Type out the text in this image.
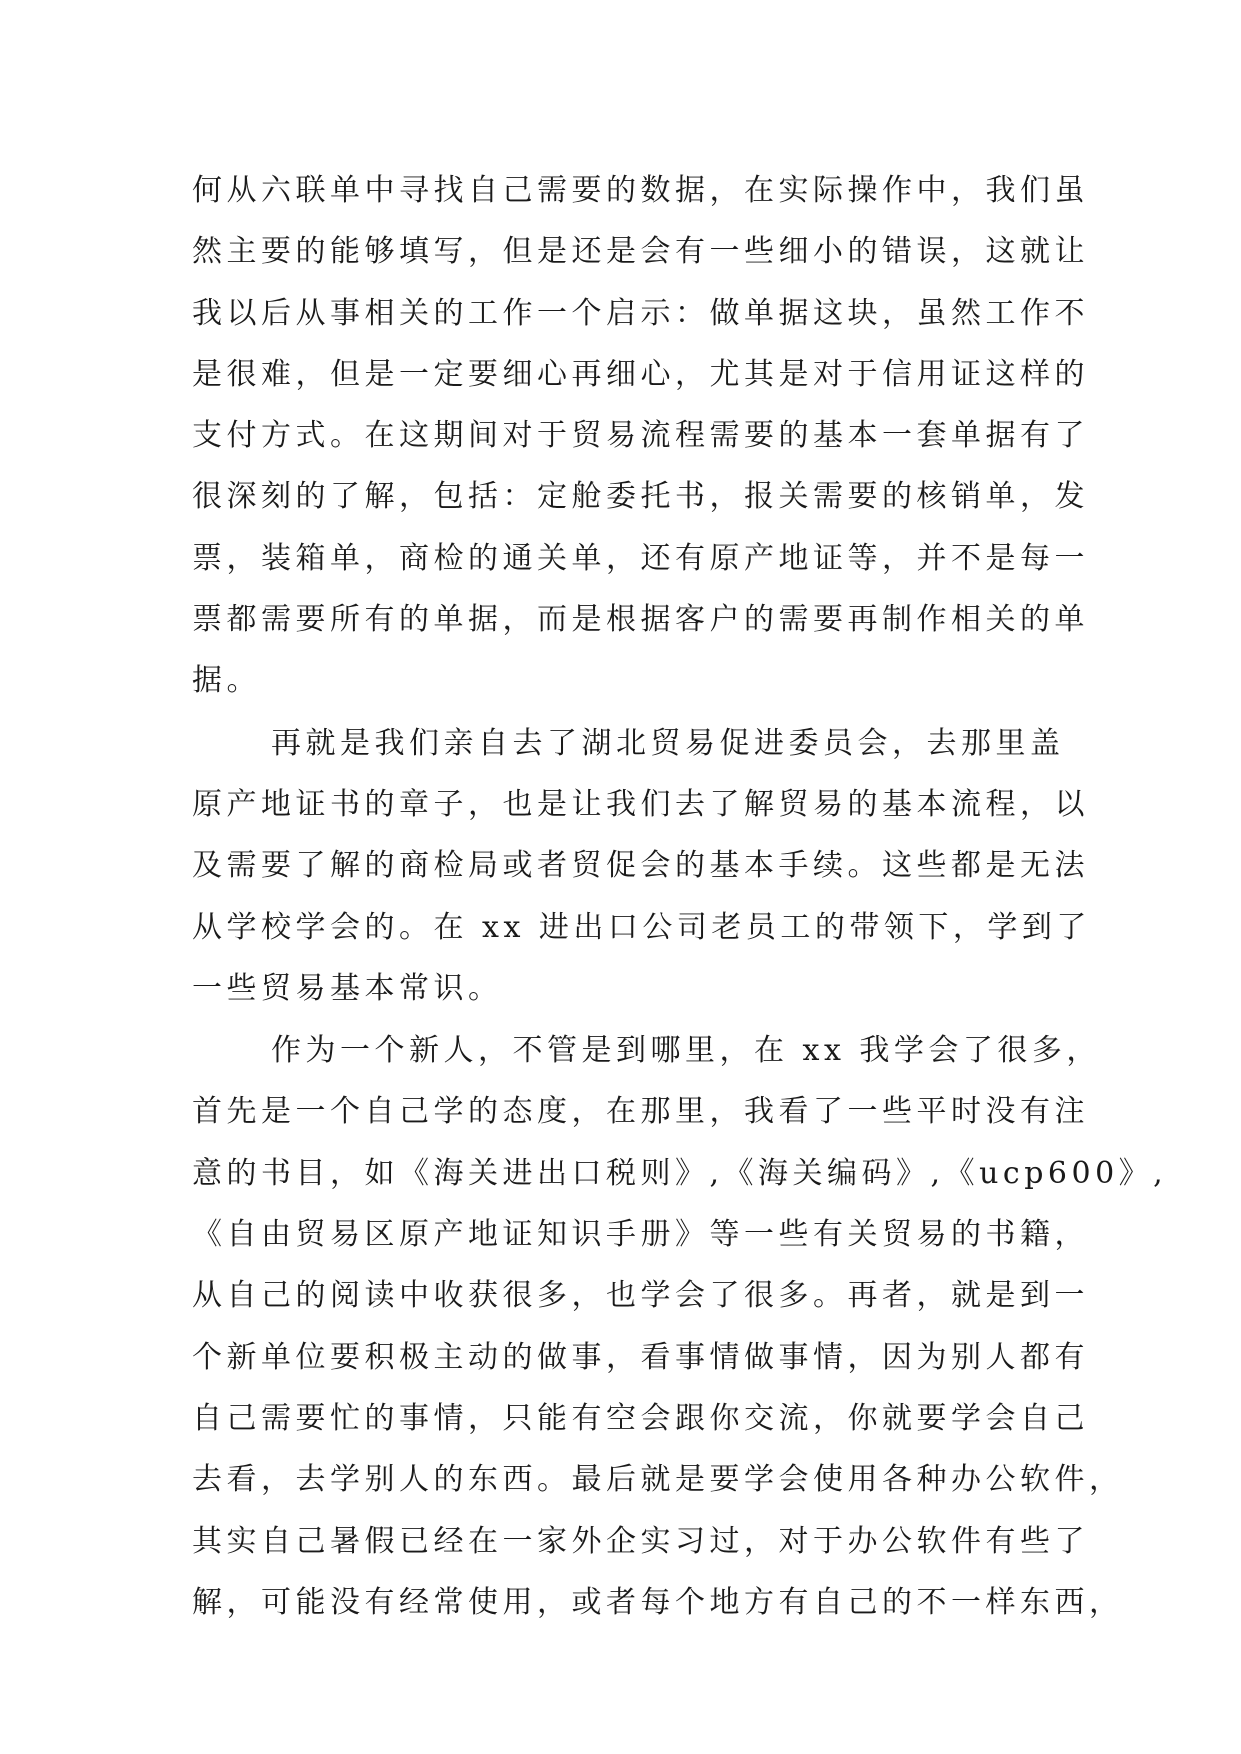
何从六联单中寻找自己需要的数据，在实际操作中，我们虽
然主要的能够填写，但是还是会有一些细小的错误，这就让
我以后从事相关的工作一个启示：做单据这块，虽然工作不
是很难，但是一定要细心再细心，尤其是对于信用证这样的
支付方式。在这期间对于贸易流程需要的基本一套单据有了
很深刻的了解，包括：定舱委托书，报关需要的核销单，发
票，装箱单，商检的通关单，还有原产地证等，并不是每一
票都需要所有的单据，而是根据客户的需要再制作相关的单
据。
再就是我们亲自去了湖北贸易促进委员会，去那里盖
原产地证书的章子，也是让我们去了解贸易的基本流程，以
及需要了解的商检局或者贸促会的基本手续。这些都是无法
从学校学会的。在 xx 进出口公司老员工的带领下，学到了
一些贸易基本常识。
作为一个新人，不管是到哪里，在 xx 我学会了很多，
首先是一个自己学的态度，在那里，我看了一些平时没有注
意的书目，如《海关进出口税则》,《海关编码》,《ucp600》,
《自由贸易区原产地证知识手册》等一些有关贸易的书籍，
从自己的阅读中收获很多，也学会了很多。再者，就是到一
个新单位要积极主动的做事，看事情做事情，因为别人都有
自己需要忙的事情，只能有空会跟你交流，你就要学会自己
去看，去学别人的东西。最后就是要学会使用各种办公软件，
其实自己暑假已经在一家外企实习过，对于办公软件有些了
解，可能没有经常使用，或者每个地方有自己的不一样东西，
